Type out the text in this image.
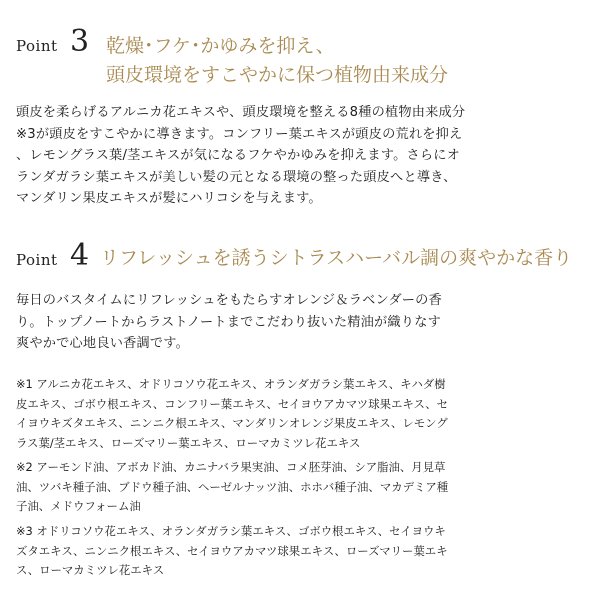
Point 3 乾燥･フケ･かゆみを抑え、
頭皮環境をすこやかに保つ植物由来成分
頭皮を柔らげるアルニカ花エキスや、頭皮環境を整える8種の植物由来成分
※3が頭皮をすこやかに導きます。コンフリー葉エキスが頭皮の荒れを抑え
、レモングラス葉/茎エキスが気になるフケやかゆみを抑えます。さらにオ
ランダガラシ葉エキスが美しい髪の元となる環境の整った頭皮へと導き、
マンダリン果皮エキスが髪にハリコシを与えます。
Point 4 リフレッシュを誘うシトラスハーバル調の爽やかな香り
毎日のバスタイムにリフレッシュをもたらすオレンジ＆ラベンダーの香
り。トップノートからラストノートまでこだわり抜いた精油が織りなす
爽やかで心地良い香調です。
※1 アルニカ花エキス、オドリコソウ花エキス、オランダガラシ葉エキス、キハダ樹
皮エキス、ゴボウ根エキス、コンフリー葉エキス、セイヨウアカマツ球果エキス、セ
イヨウキズタエキス、ニンニク根エキス、マンダリンオレンジ果皮エキス、レモング
ラス葉/茎エキス、ローズマリー葉エキス、ローマカミツレ花エキス
※2 アーモンド油、アボカド油、カニナバラ果実油、コメ胚芽油、シア脂油、月見草
油、ツバキ種子油、ブドウ種子油、ヘーゼルナッツ油、ホホバ種子油、マカデミア種
子油、メドウフォーム油
※3 オドリコソウ花エキス、オランダガラシ葉エキス、ゴボウ根エキス、セイヨウキ
ズタエキス、ニンニク根エキス、セイヨウアカマツ球果エキス、ローズマリー葉エキ
ス、ローマカミツレ花エキス
